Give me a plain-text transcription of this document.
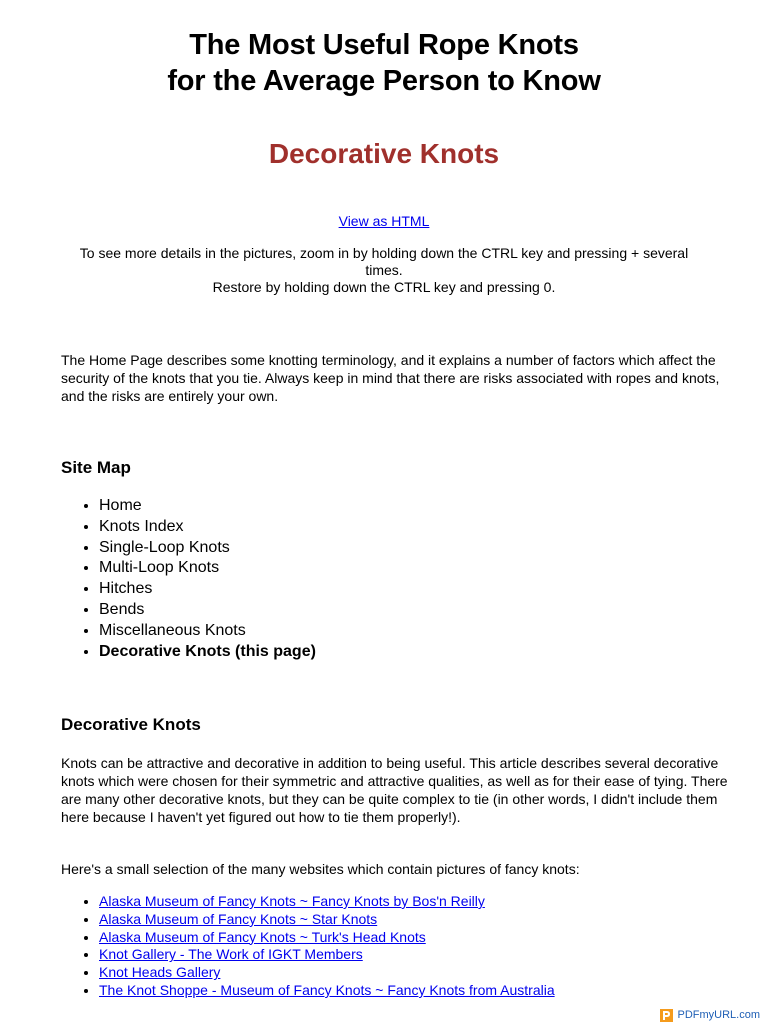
The Most Useful Rope Knots
for the Average Person to Know
Decorative Knots
View as HTML

To see more details in the pictures, zoom in by holding down the CTRL key and pressing + several times.
Restore by holding down the CTRL key and pressing 0.

The Home Page describes some knotting terminology, and it explains a number of factors which affect the security of the knots that you tie. Always keep in mind that there are risks associated with ropes and knots, and the risks are entirely your own.

Site Map
• Home
• Knots Index
• Single-Loop Knots
• Multi-Loop Knots
• Hitches
• Bends
• Miscellaneous Knots
• Decorative Knots (this page)
Decorative Knots

Knots can be attractive and decorative in addition to being useful. This article describes several decorative knots which were chosen for their symmetric and attractive qualities, as well as for their ease of tying. There are many other decorative knots, but they can be quite complex to tie (in other words, I didn't include them here because I haven't yet figured out how to tie them properly!).

Here's a small selection of the many websites which contain pictures of fancy knots:

• Alaska Museum of Fancy Knots ~ Fancy Knots by Bos'n Reilly
• Alaska Museum of Fancy Knots ~ Star Knots
• Alaska Museum of Fancy Knots ~ Turk's Head Knots
• Knot Gallery - The Work of IGKT Members
• Knot Heads Gallery
• The Knot Shoppe - Museum of Fancy Knots ~ Fancy Knots from Australia
PDFmyURL.com
